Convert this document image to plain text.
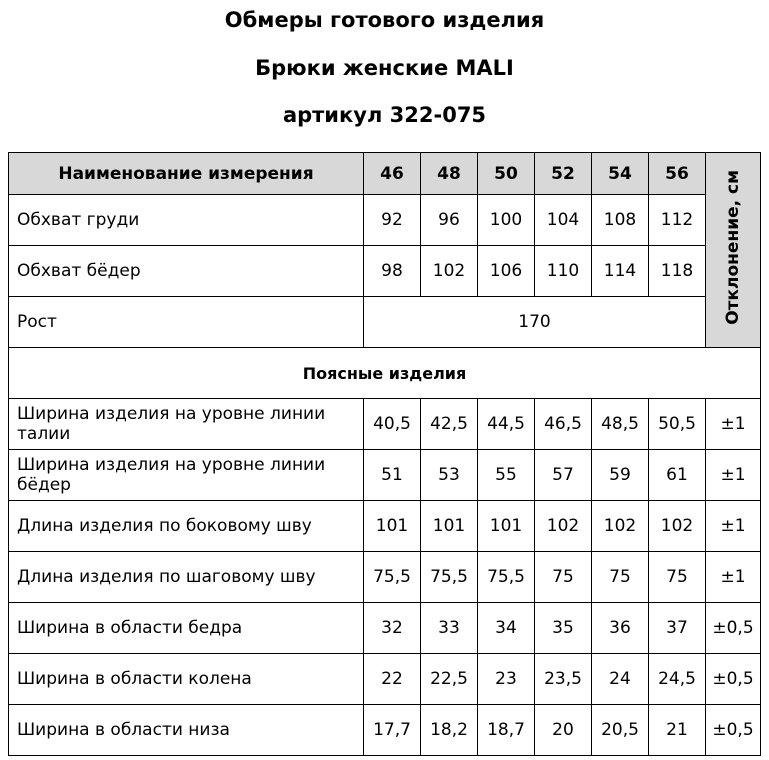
Обмеры готового изделия
Брюки женские MALI
артикул 322-075
Наименование измерения	46	48	50	52	54	56	Отклонение, см
Обхват груди	92	96	100	104	108	112	
Обхват бёдер	98	102	106	110	114	118	
Рост	170						
Поясные изделия							
Ширина изделия на уровне линии талии	40,5	42,5	44,5	46,5	48,5	50,5	±1
Ширина изделия на уровне линии бёдер	51	53	55	57	59	61	±1
Длина изделия по боковому шву	101	101	101	102	102	102	±1
Длина изделия по шаговому шву	75,5	75,5	75,5	75	75	75	±1
Ширина в области бедра	32	33	34	35	36	37	±0,5
Ширина в области колена	22	22,5	23	23,5	24	24,5	±0,5
Ширина в области низа	17,7	18,2	18,7	20	20,5	21	±0,5
